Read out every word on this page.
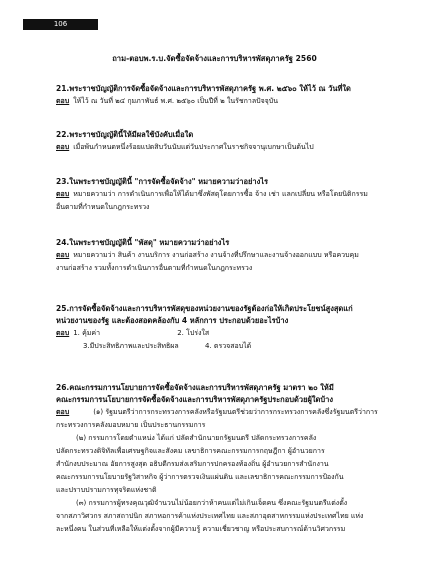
106
ถาม-ตอบพ.ร.บ.จัดซื้อจัดจ้างและการบริหารพัสดุภาครัฐ 2560
21.พระราชบัญญัติการจัดซื้อจัดจ้างและการบริหารพัสดุภาครัฐ พ.ศ. ๒๕๖๐ ให้ไว้ ณ วันที่ใด
ตอบ ให้ไว้ ณ วันที่ ๒๔ กุมภาพันธ์ พ.ศ. ๒๕๖๐ เป็นปีที่ ๒ ในรัชกาลปัจจุบัน
22.พระราชบัญญัตินี้ให้มีผลใช้บังคับเมื่อใด
ตอบ เมื่อพ้นกำหนดหนึ่งร้อยแปดสิบวันนับแต่วันประกาศในราชกิจจานุเบกษาเป็นต้นไป
23.ในพระราชบัญญัตินี้ "การจัดซื้อจัดจ้าง" หมายความว่าอย่างไร
ตอบ หมายความว่า การดำเนินการเพื่อให้ได้มาซึ่งพัสดุโดยการซื้อ จ้าง เช่า แลกเปลี่ยน หรือโดยนิติกรรม
อื่นตามที่กำหนดในกฎกระทรวง
24.ในพระราชบัญญัตินี้ "พัสดุ" หมายความว่าอย่างไร
ตอบ หมายความว่า สินค้า งานบริการ งานก่อสร้าง งานจ้างที่ปรึกษาและงานจ้างออกแบบ หรือควบคุม
งานก่อสร้าง รวมทั้งการดำเนินการอื่นตามที่กำหนดในกฎกระทรวง
25.การจัดซื้อจัดจ้างและการบริหารพัสดุของหน่วยงานของรัฐต้องก่อให้เกิดประโยชน์สูงสุดแก่
หน่วยงานของรัฐ และต้องสอดคล้องกับ 4 หลักการ ประกอบด้วยอะไรบ้าง
ตอบ 1. คุ้มค่า	2. โปร่งใส
3.มีประสิทธิภาพและประสิทธิผล	4. ตรวจสอบได้
26.คณะกรรมการนโยบายการจัดซื้อจัดจ้างและการบริหารพัสดุภาครัฐ มาตรา ๒๐ ให้มี
คณะกรรมการนโยบายการจัดซื้อจัดจ้างและการบริหารพัสดุภาครัฐประกอบด้วยผู้ใดบ้าง
ตอบ	(๑) รัฐมนตรีว่าการกระทรวงการคลังหรือรัฐมนตรีช่วยว่าการกระทรวงการคลังซึ่งรัฐมนตรีว่าการ
กระทรวงการคลังมอบหมาย เป็นประธานกรรมการ
(๒) กรรมการโดยตำแหน่ง ได้แก่ ปลัดสำนักนายกรัฐมนตรี ปลัดกระทรวงการคลัง
ปลัดกระทรวงดิจิทัลเพื่อเศรษฐกิจและสังคม เลขาธิการคณะกรรมการกฤษฎีกา ผู้อำนวยการ
สำนักงบประมาณ อัยการสูงสุด อธิบดีกรมส่งเสริมการปกครองท้องถิ่น ผู้อำนวยการสำนักงาน
คณะกรรมการนโยบายรัฐวิสาหกิจ ผู้ว่าการตรวจเงินแผ่นดิน และเลขาธิการคณะกรรมการป้องกัน
และปราบปรามการทุจริตแห่งชาติ
(๓) กรรมการผู้ทรงคุณวุฒิจำนวนไม่น้อยกว่าห้าคนแต่ไม่เกินเจ็ดคน ซึ่งคณะรัฐมนตรีแต่งตั้ง
จากสภาวิศวกร สภาสถาปนิก สภาหอการค้าแห่งประเทศไทย และสภาอุตสาหกรรมแห่งประเทศไทย แห่ง
ละหนึ่งคน ในส่วนที่เหลือให้แต่งตั้งจากผู้มีความรู้ ความเชี่ยวชาญ หรือประสบการณ์ด้านวิศวกรรม
